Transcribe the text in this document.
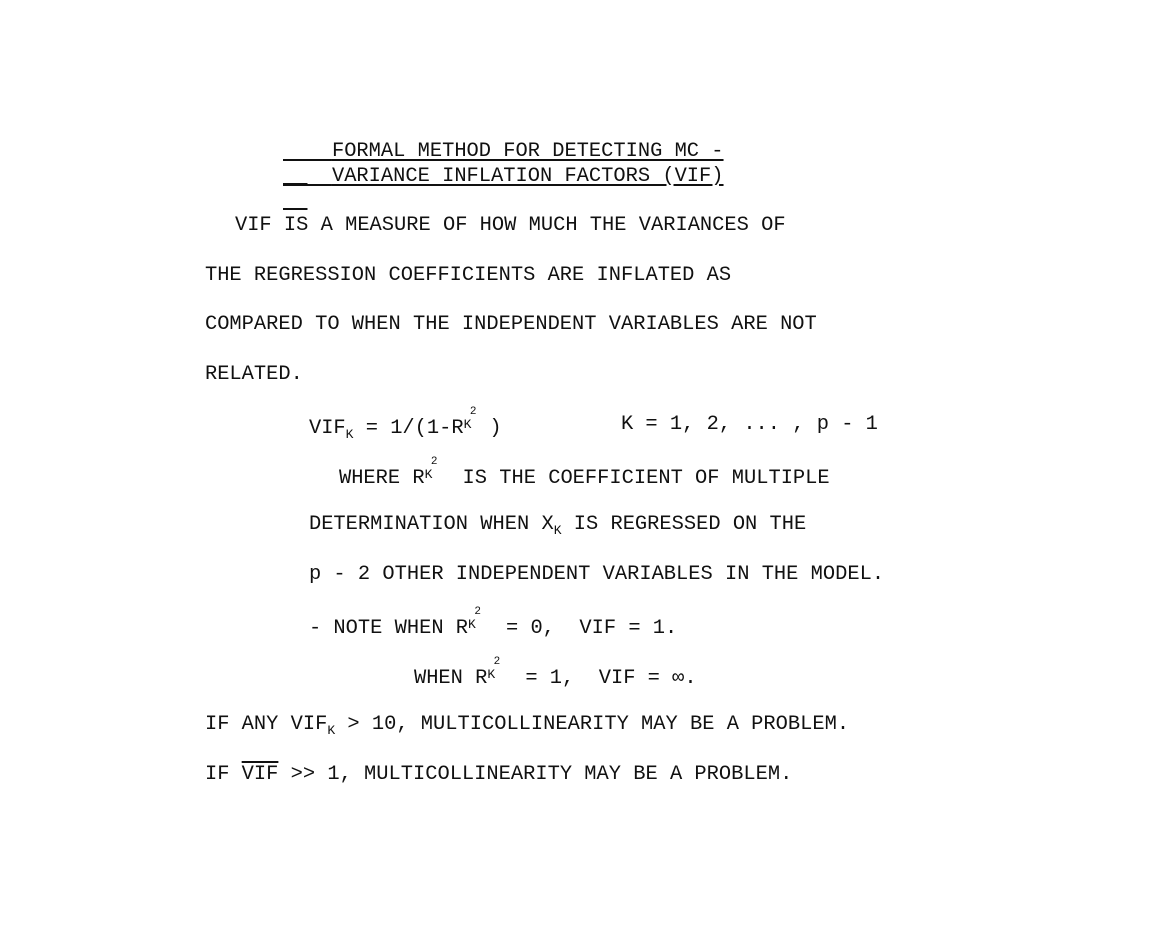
FORMAL METHOD FOR DETECTING MC -

VARIANCE INFLATION FACTORS (VIF)

VIF IS A MEASURE OF HOW MUCH THE VARIANCES OF

THE REGRESSION COEFFICIENTS ARE INFLATED AS

COMPARED TO WHEN THE INDEPENDENT VARIABLES ARE NOT

RELATED.

$VIF_K = 1/(1-R$ K
2
)
	K = 1, 2, ... , p - 1

WHERE R K
2
IS THE COEFFICIENT OF MULTIPLE

DETERMINATION WHEN $X_K$ IS REGRESSED ON THE

p - 2 OTHER INDEPENDENT VARIABLES IN THE MODEL.

- NOTE WHEN R K
2
= 0,  VIF = 1.

WHEN R K
2
= 1,  VIF = ∞.

IF ANY $VIF_K > 10$, MULTICOLLINEARITY MAY BE A PROBLEM.

IF $\overline{VIF} >> 1$, MULTICOLLINEARITY MAY BE A PROBLEM.
